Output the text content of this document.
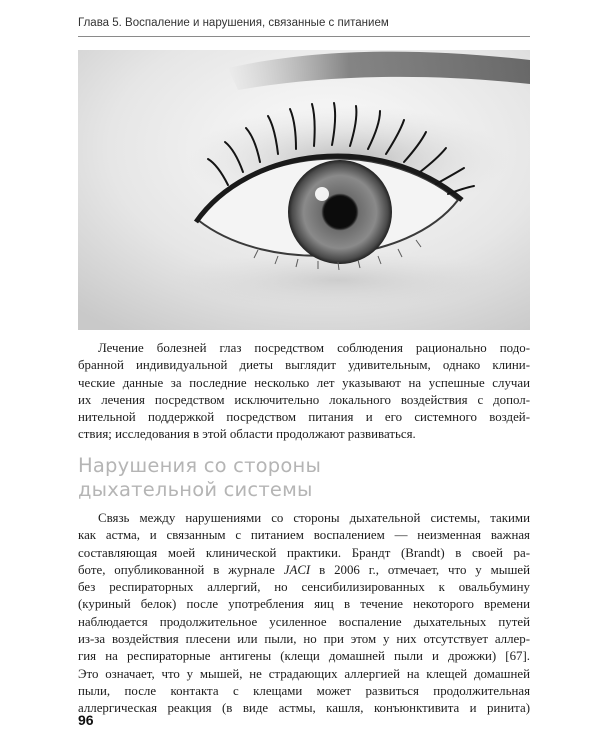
Глава 5. Воспаление и нарушения, связанные с питанием
Лечение болезней глаз посредством соблюдения рационально подо-
бранной индивидуальной диеты выглядит удивительным, однако клини-
ческие данные за последние несколько лет указывают на успешные случаи
их лечения посредством исключительно локального воздействия с допол-
нительной поддержкой посредством питания и его системного воздей-
ствия; исследования в этой области продолжают развиваться.
Нарушения со стороны
дыхательной системы
Связь между нарушениями со стороны дыхательной системы, такими
как астма, и связанным с питанием воспалением — неизменная важная
составляющая моей клинической практики. Брандт (Brandt) в своей ра-
боте, опубликованной в журнале JACI в 2006 г., отмечает, что у мышей
без респираторных аллергий, но сенсибилизированных к овальбумину
(куриный белок) после употребления яиц в течение некоторого времени
наблюдается продолжительное усиленное воспаление дыхательных путей
из-за воздействия плесени или пыли, но при этом у них отсутствует аллер-
гия на респираторные антигены (клещи домашней пыли и дрожжи) [67].
Это означает, что у мышей, не страдающих аллергией на клещей домашней
пыли, после контакта с клещами может развиться продолжительная
аллергическая реакция (в виде астмы, кашля, конъюнктивита и ринита)
96
